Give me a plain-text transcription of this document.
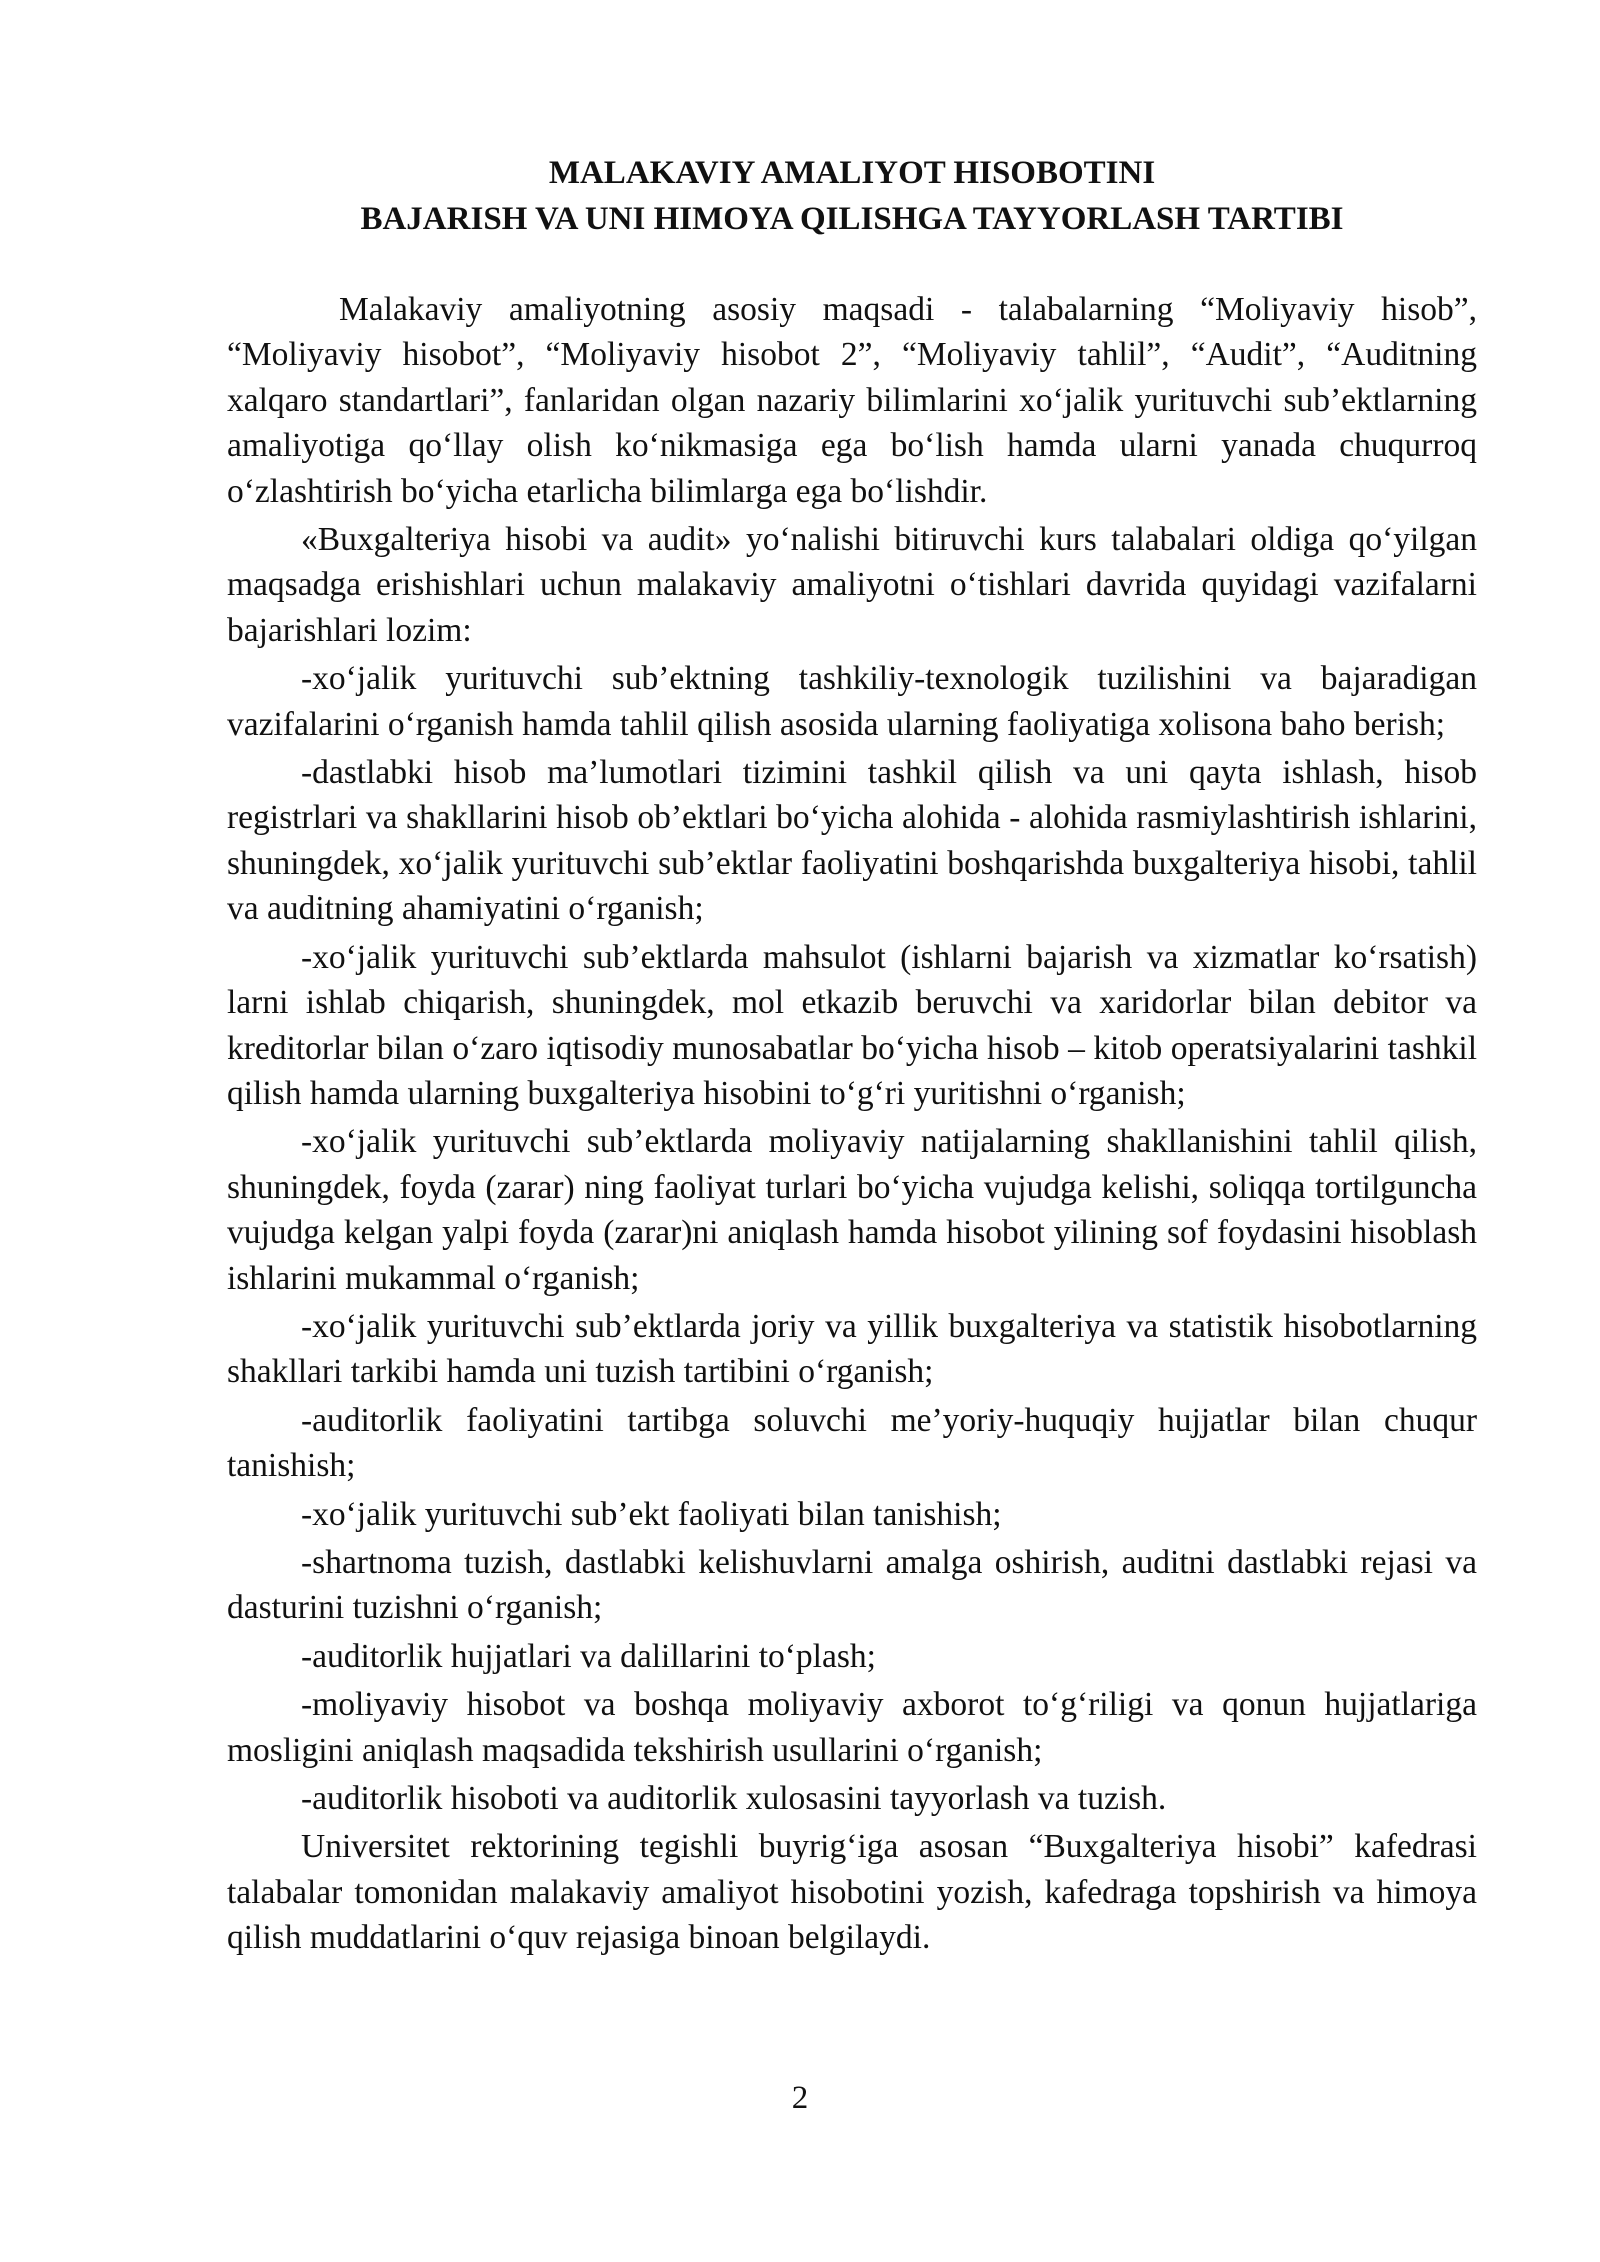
MALAKAVIY AMALIYOT HISOBOTINI
BAJARISH VA UNI HIMOYA QILISHGA TAYYORLASH TARTIBI

Malakaviy amaliyotning asosiy maqsadi - talabalarning “Moliyaviy hisob”, “Moliyaviy hisobot”, “Moliyaviy hisobot 2”, “Moliyaviy tahlil”, “Audit”, “Auditning xalqaro standartlari”, fanlaridan olgan nazariy bilimlarini xo‘jalik yurituvchi sub’ektlarning amaliyotiga qo‘llay olish ko‘nikmasiga ega bo‘lish hamda ularni yanada chuqurroq o‘zlashtirish bo‘yicha etarlicha bilimlarga ega bo‘lishdir.

«Buxgalteriya hisobi va audit» yo‘nalishi bitiruvchi kurs talabalari oldiga qo‘yilgan maqsadga erishishlari uchun malakaviy amaliyotni o‘tishlari davrida quyidagi vazifalarni bajarishlari lozim:

-xo‘jalik yurituvchi sub’ektning tashkiliy-texnologik tuzilishini va bajaradigan vazifalarini o‘rganish hamda tahlil qilish asosida ularning faoliyatiga xolisona baho berish;

-dastlabki hisob ma’lumotlari tizimini tashkil qilish va uni qayta ishlash, hisob registrlari va shakllarini hisob ob’ektlari bo‘yicha alohida - alohida rasmiylashtirish ishlarini, shuningdek, xo‘jalik yurituvchi sub’ektlar faoliyatini boshqarishda buxgalteriya hisobi, tahlil va auditning ahamiyatini o‘rganish;

-xo‘jalik yurituvchi sub’ektlarda mahsulot (ishlarni bajarish va xizmatlar ko‘rsatish) larni ishlab chiqarish, shuningdek, mol etkazib beruvchi va xaridorlar bilan debitor va kreditorlar bilan o‘zaro iqtisodiy munosabatlar bo‘yicha hisob – kitob operatsiyalarini tashkil qilish hamda ularning buxgalteriya hisobini to‘g‘ri yuritishni o‘rganish;

-xo‘jalik yurituvchi sub’ektlarda moliyaviy natijalarning shakllanishini tahlil qilish, shuningdek, foyda (zarar) ning faoliyat turlari bo‘yicha vujudga kelishi, soliqqa tortilguncha vujudga kelgan yalpi foyda (zarar)ni aniqlash hamda hisobot yilining sof foydasini hisoblash ishlarini mukammal o‘rganish;

-xo‘jalik yurituvchi sub’ektlarda joriy va yillik buxgalteriya va statistik hisobotlarning shakllari tarkibi hamda uni tuzish tartibini o‘rganish;

-auditorlik faoliyatini tartibga soluvchi me’yoriy-huquqiy hujjatlar bilan chuqur tanishish;

-xo‘jalik yurituvchi sub’ekt faoliyati bilan tanishish;

-shartnoma tuzish, dastlabki kelishuvlarni amalga oshirish, auditni dastlabki rejasi va dasturini tuzishni o‘rganish;

-auditorlik hujjatlari va dalillarini to‘plash;

-moliyaviy hisobot va boshqa moliyaviy axborot to‘g‘riligi va qonun hujjatlariga mosligini aniqlash maqsadida tekshirish usullarini o‘rganish;

-auditorlik hisoboti va auditorlik xulosasini tayyorlash va tuzish.

Universitet rektorining tegishli buyrig‘iga asosan “Buxgalteriya hisobi” kafedrasi talabalar tomonidan malakaviy amaliyot hisobotini yozish, kafedraga topshirish va himoya qilish muddatlarini o‘quv rejasiga binoan belgilaydi.

2
